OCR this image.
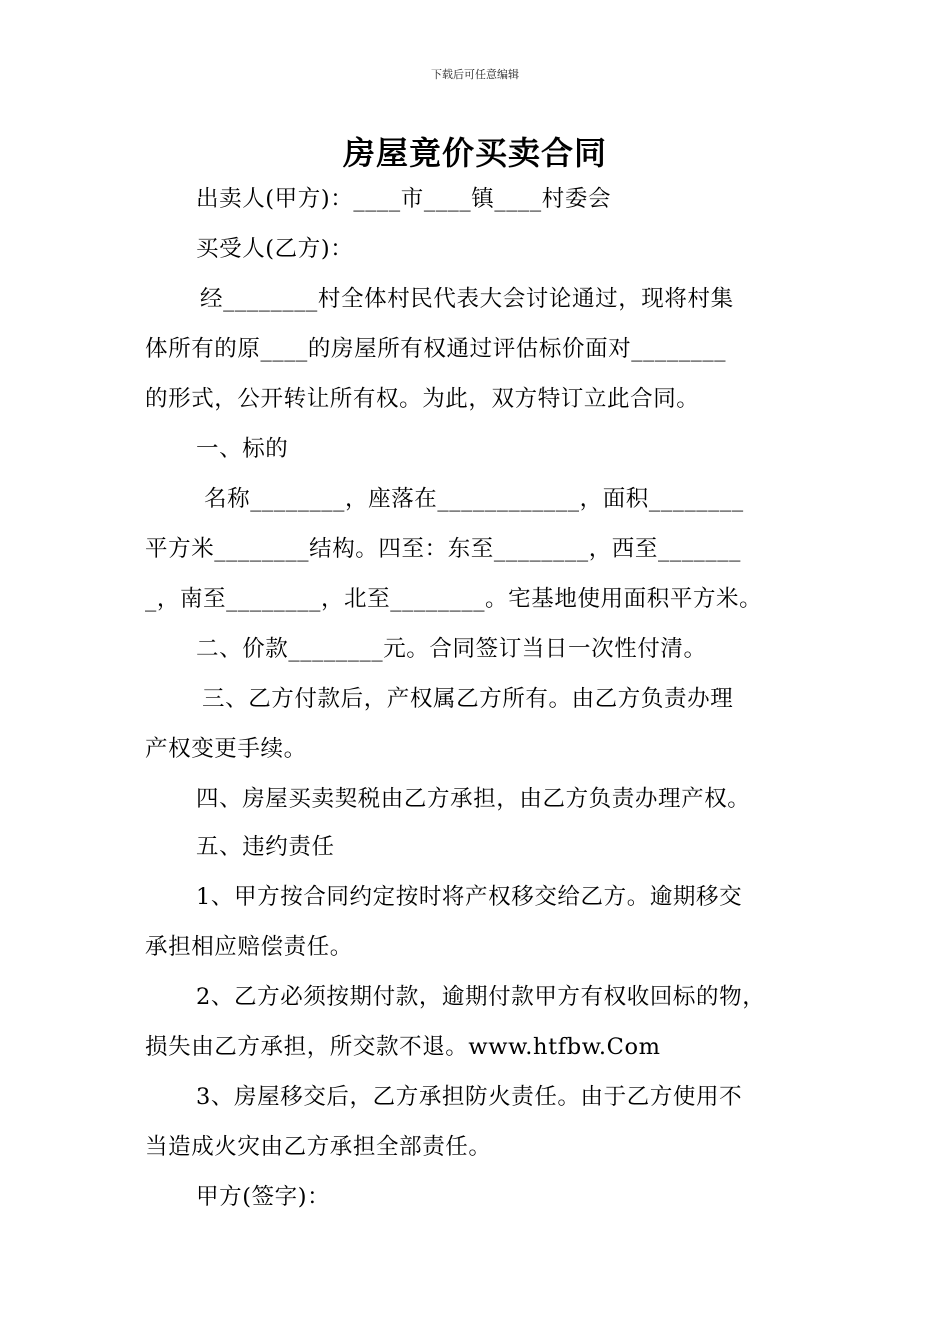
下载后可任意编辑
房屋竟价买卖合同
出卖人(甲方)：____市____镇____村委会
买受人(乙方)：
经________村全体村民代表大会讨论通过，现将村集
体所有的原____的房屋所有权通过评估标价面对________
的形式，公开转让所有权。为此，双方特订立此合同。
一、标的
名称________，座落在____________，面积________
平方米________结构。四至：东至________，西至_______
_，南至________，北至________。宅基地使用面积平方米。
二、价款________元。合同签订当日一次性付清。
三、乙方付款后，产权属乙方所有。由乙方负责办理
产权变更手续。
四、房屋买卖契税由乙方承担，由乙方负责办理产权。
五、违约责任
1、甲方按合同约定按时将产权移交给乙方。逾期移交
承担相应赔偿责任。
2、乙方必须按期付款，逾期付款甲方有权收回标的物，
损失由乙方承担，所交款不退。www.htfbw.Com
3、房屋移交后，乙方承担防火责任。由于乙方使用不
当造成火灾由乙方承担全部责任。
甲方(签字)：
